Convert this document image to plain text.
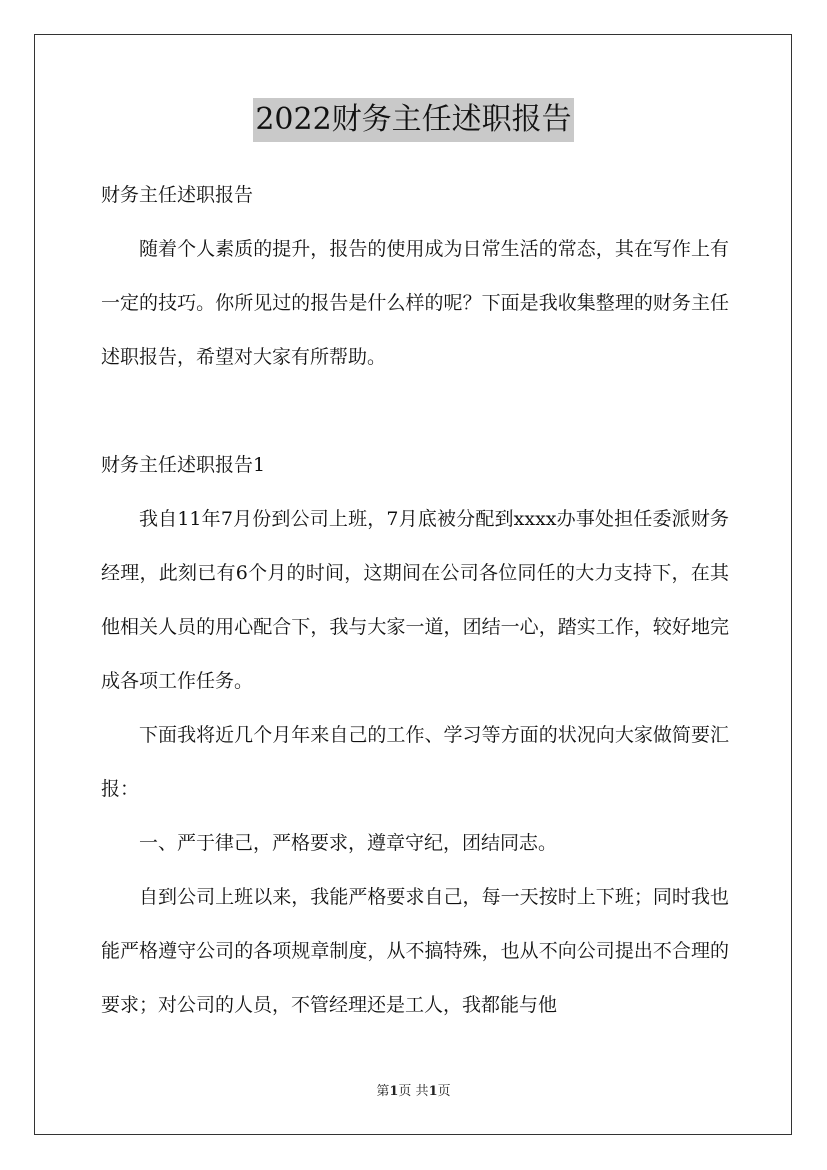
2022财务主任述职报告

财务主任述职报告

随着个人素质的提升，报告的使用成为日常生活的常态，其在写作上有一定的技巧。你所见过的报告是什么样的呢？下面是我收集整理的财务主任述职报告，希望对大家有所帮助。

财务主任述职报告1

我自11年7月份到公司上班，7月底被分配到xxxx办事处担任委派财务经理，此刻已有6个月的时间，这期间在公司各位同任的大力支持下，在其他相关人员的用心配合下，我与大家一道，团结一心，踏实工作，较好地完成各项工作任务。

下面我将近几个月年来自己的工作、学习等方面的状况向大家做简要汇报：

一、严于律己，严格要求，遵章守纪，团结同志。

自到公司上班以来，我能严格要求自己，每一天按时上下班；同时我也能严格遵守公司的各项规章制度，从不搞特殊，也从不向公司提出不合理的要求；对公司的人员，不管经理还是工人，我都能与他

第1页 共1页
